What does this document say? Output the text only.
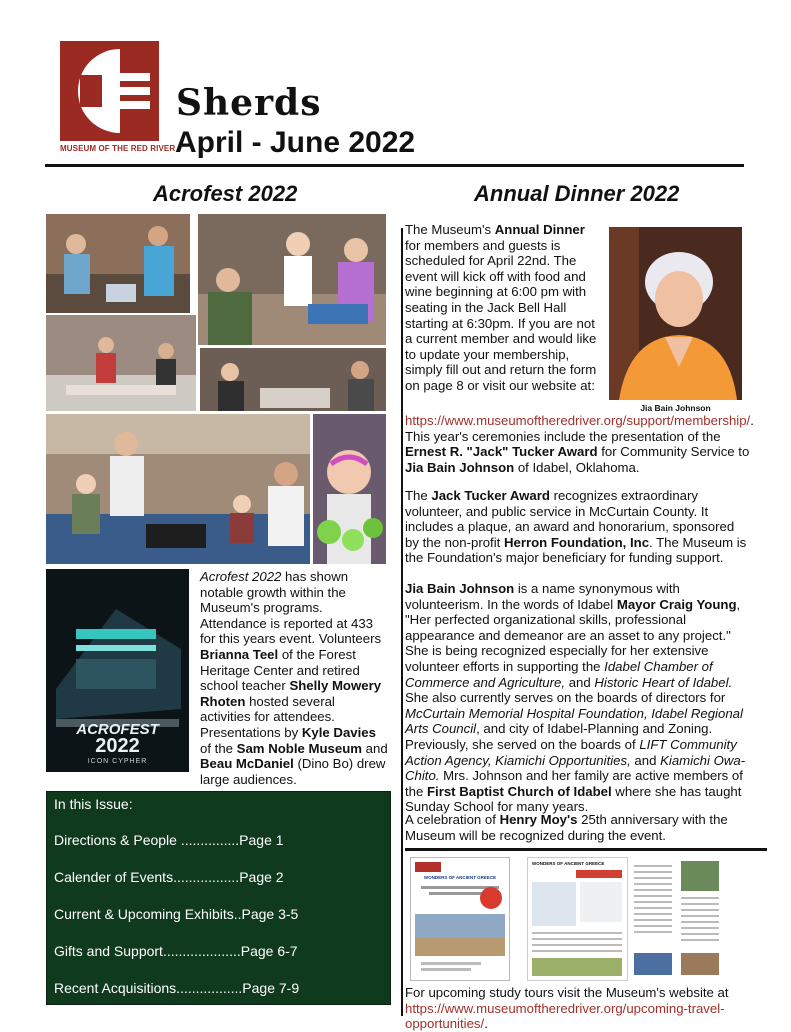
MUSEUM OF THE RED RIVER
Sherds
April - June 2022
Acrofest 2022	Annual Dinner 2022
ACROFEST
2022
ICON CYPHER
Acrofest 2022 has shown notable growth within the Museum's programs. Attendance is reported at 433 for this years event. Volunteers Brianna Teel of the Forest Heritage Center and retired school teacher Shelly Mowery Rhoten hosted several activities for attendees. Presentations by Kyle Davies of the Sam Noble Museum and Beau McDaniel (Dino Bo) drew large audiences.
In this Issue:
Directions & People ...............Page 1
Calender of Events.................Page 2
Current & Upcoming Exhibits..Page 3-5
Gifts and Support....................Page 6-7
Recent Acquisitions.................Page 7-9
Jia Bain Johnson
The Museum's Annual Dinner for members and guests is scheduled for April 22nd. The event will kick off with food and wine beginning at 6:00 pm with seating in the Jack Bell Hall starting at 6:30pm. If you are not a current member and would like to update your membership, simply fill out and return the form on page 8 or visit our website at: https://www.museumoftheredriver.org/support/membership/. This year's ceremonies include the presentation of the Ernest R. "Jack" Tucker Award for Community Service to Jia Bain Johnson of Idabel, Oklahoma.
The Jack Tucker Award recognizes extraordinary volunteer, and public service in McCurtain County. It includes a plaque, an award and honorarium, sponsored by the non-profit Herron Foundation, Inc. The Museum is the Foundation's major beneficiary for funding support.
Jia Bain Johnson is a name synonymous with volunteerism. In the words of Idabel Mayor Craig Young, "Her perfected organizational skills, professional appearance and demeanor are an asset to any project." She is being recognized especially for her extensive volunteer efforts in supporting the Idabel Chamber of Commerce and Agriculture, and Historic Heart of Idabel. She also currently serves on the boards of directors for McCurtain Memorial Hospital Foundation, Idabel Regional Arts Council, and city of Idabel-Planning and Zoning. Previously, she served on the boards of LIFT Community Action Agency, Kiamichi Opportunities, and Kiamichi Owa-Chito. Mrs. Johnson and her family are active members of the First Baptist Church of Idabel where she has taught Sunday School for many years.
A celebration of Henry Moy's 25th anniversary with the Museum will be recognized during the event.
WONDERS OF ANCIENT GREECE
WONDERS OF ANCIENT GREECE
For upcoming study tours visit the Museum's website at https://www.museumoftheredriver.org/upcoming-travel-opportunities/.
